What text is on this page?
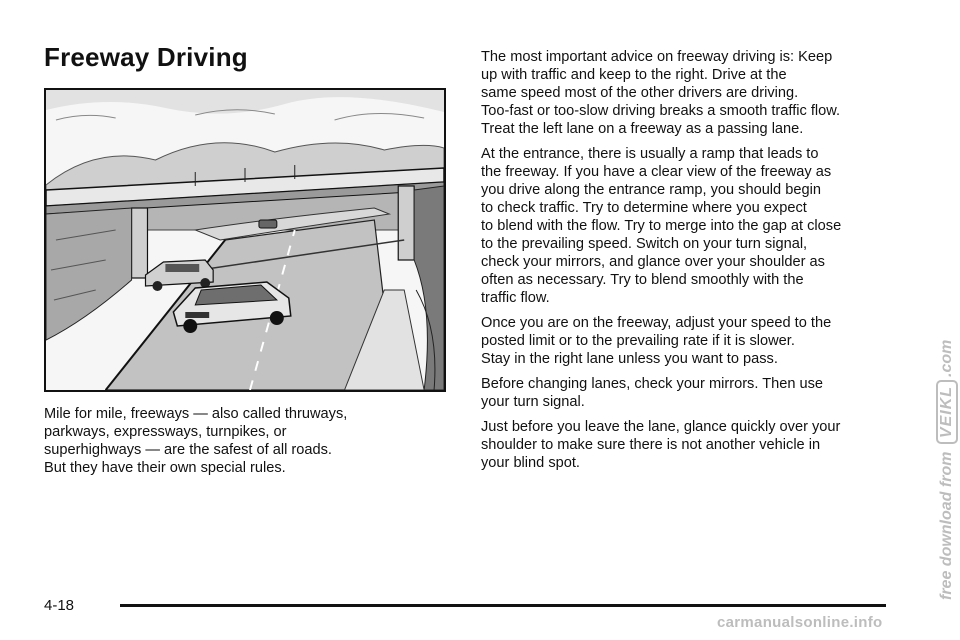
Freeway Driving

Mile for mile, freeways — also called thruways,
parkways, expressways, turnpikes, or
superhighways — are the safest of all roads.
But they have their own special rules.

The most important advice on freeway driving is: Keep
up with traffic and keep to the right. Drive at the
same speed most of the other drivers are driving.
Too-fast or too-slow driving breaks a smooth traffic flow.
Treat the left lane on a freeway as a passing lane.

At the entrance, there is usually a ramp that leads to
the freeway. If you have a clear view of the freeway as
you drive along the entrance ramp, you should begin
to check traffic. Try to determine where you expect
to blend with the flow. Try to merge into the gap at close
to the prevailing speed. Switch on your turn signal,
check your mirrors, and glance over your shoulder as
often as necessary. Try to blend smoothly with the
traffic flow.

Once you are on the freeway, adjust your speed to the
posted limit or to the prevailing rate if it is slower.
Stay in the right lane unless you want to pass.

Before changing lanes, check your mirrors. Then use
your turn signal.

Just before you leave the lane, glance quickly over your
shoulder to make sure there is not another vehicle in
your blind spot.

4-18
free download from VEIKL.com
carmanualsonline.info
